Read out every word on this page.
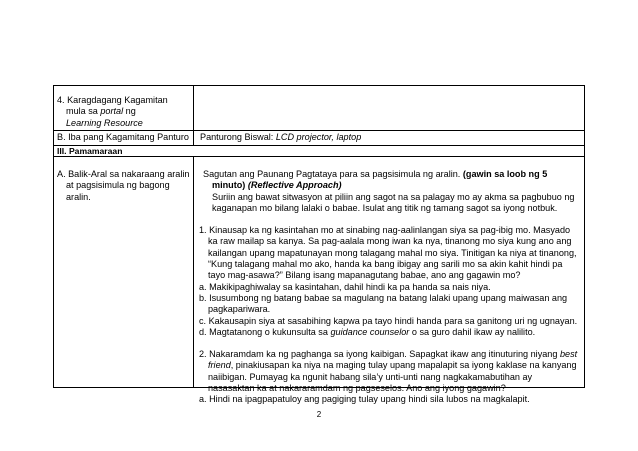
4. Karagdagang Kagamitan

mula sa portal ng

Learning Resource

B. Iba pang Kagamitang Panturo Panturong Biswal: LCD projector, laptop

III. Pamamaraan

A. Balik-Aral sa nakaraang aralin

at pagsisimula ng bagong

aralin.

Sagutan ang Paunang Pagtataya para sa pagsisimula ng aralin. (gawin sa loob ng 5

minuto) (Reflective Approach)

Suriin ang bawat sitwasyon at piliin ang sagot na sa palagay mo ay akma sa pagbubuo ng

kaganapan mo bilang lalaki o babae. Isulat ang titik ng tamang sagot sa iyong notbuk.

1. Kinausap ka ng kasintahan mo at sinabing nag-aalinlangan siya sa pag-ibig mo. Masyado

ka raw mailap sa kanya. Sa pag-aalala mong iwan ka nya, tinanong mo siya kung ano ang

kailangan upang mapatunayan mong talagang mahal mo siya. Tinitigan ka niya at tinanong,

“Kung talagang mahal mo ako, handa ka bang ibigay ang sarili mo sa akin kahit hindi pa

tayo mag-asawa?” Bilang isang mapanagutang babae, ano ang gagawin mo?

a. Makikipaghiwalay sa kasintahan, dahil hindi ka pa handa sa nais niya.

b. Isusumbong ng batang babae sa magulang na batang lalaki upang upang maiwasan ang

pagkapariwara.

c. Kakausapin siya at sasabihing kapwa pa tayo hindi handa para sa ganitong uri ng ugnayan.

d. Magtatanong o kukunsulta sa guidance counselor o sa guro dahil ikaw ay nalilito.

2. Nakaramdam ka ng paghanga sa iyong kaibigan. Sapagkat ikaw ang itinuturing niyang best

friend, pinakiusapan ka niya na maging tulay upang mapalapit sa iyong kaklase na kanyang

naiibigan. Pumayag ka ngunit habang sila’y unti-unti nang nagkakamabutihan ay

nasasaktan ka at nakararamdam ng pagseselos. Ano ang iyong gagawin?

a. Hindi na ipagpapatuloy ang pagiging tulay upang hindi sila lubos na magkalapit.

2
